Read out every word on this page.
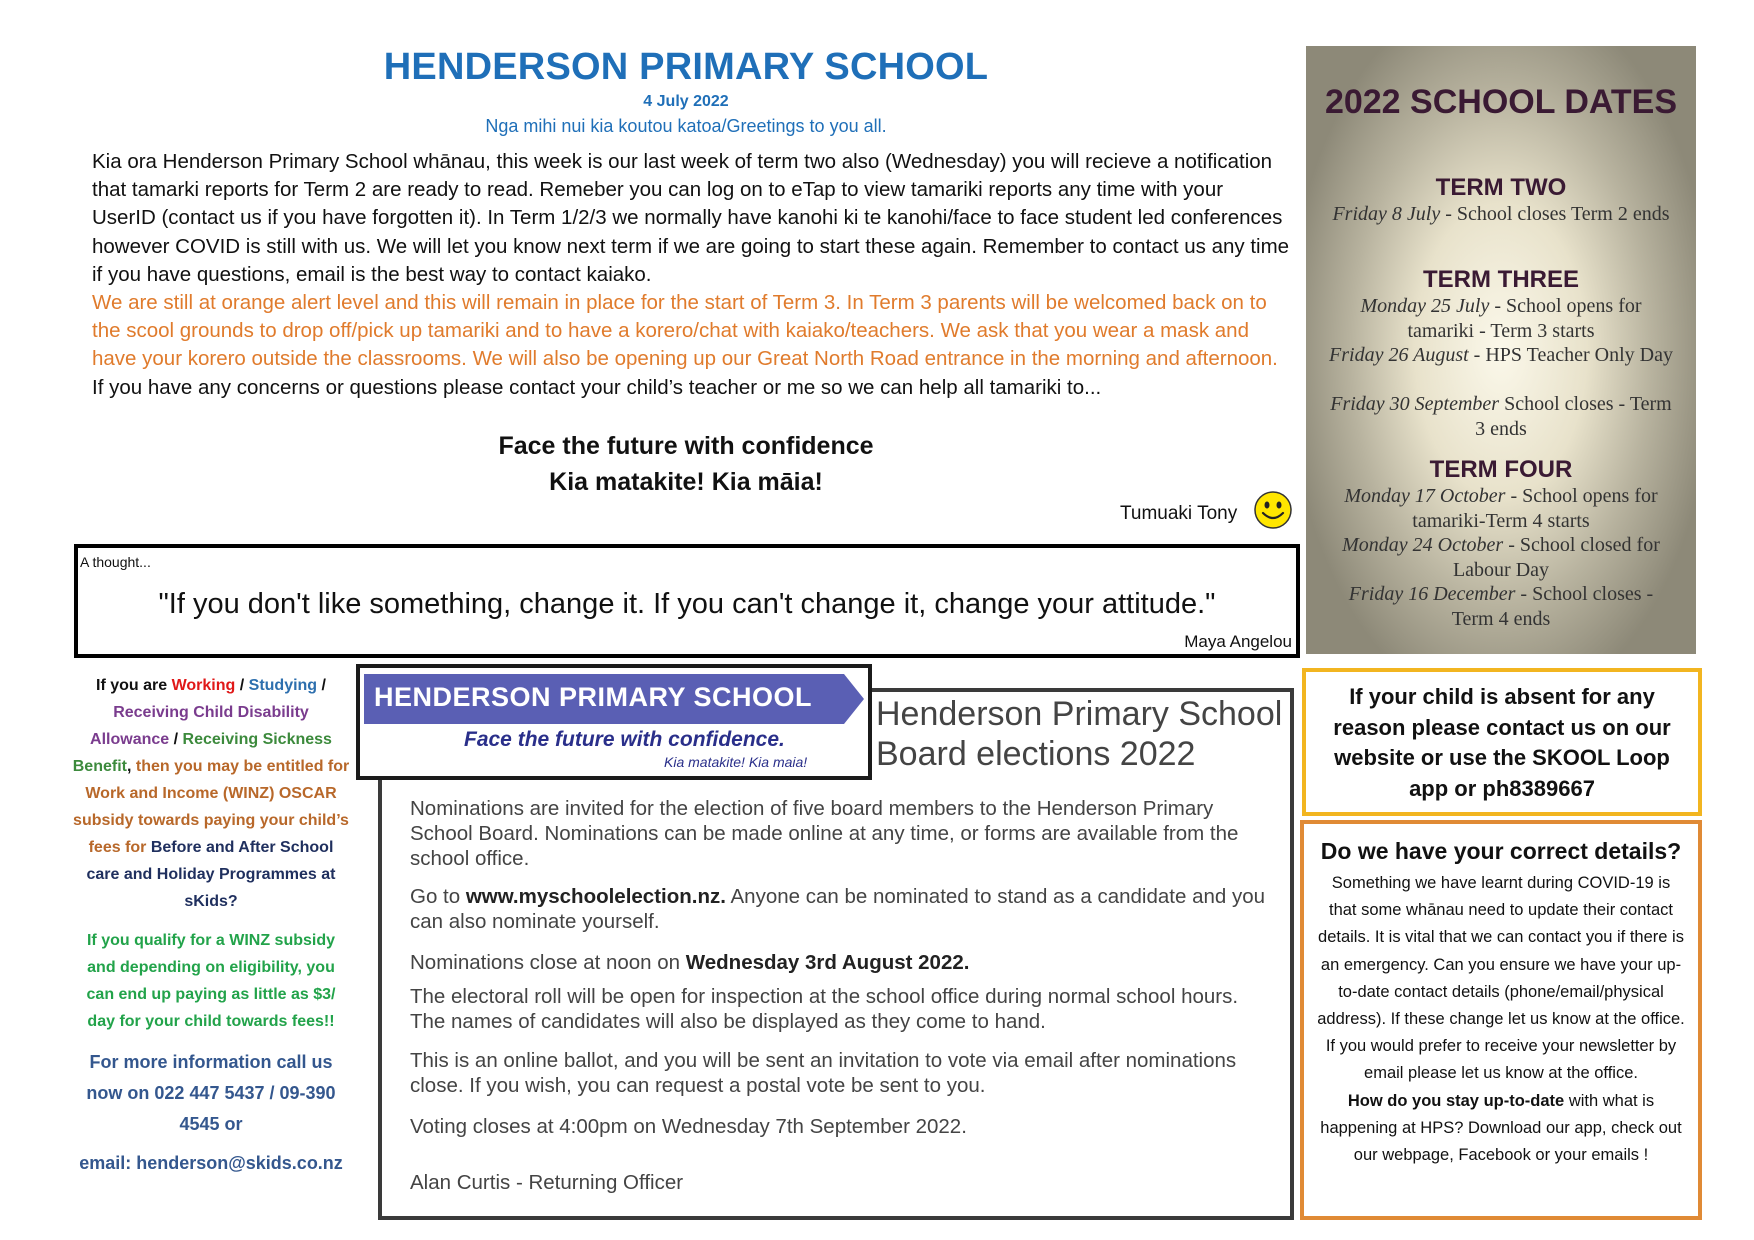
HENDERSON PRIMARY SCHOOL
4 July 2022
Nga mihi nui kia koutou katoa/Greetings to you all.

Kia ora Henderson Primary School whānau, this week is our last week of term two also (Wednesday) you will recieve a notification that tamarki reports for Term 2 are ready to read. Remeber you can log on to eTap to view tamariki reports any time with your UserID (contact us if you have forgotten it). In Term 1/2/3 we normally have kanohi ki te kanohi/face to face student led conferences however COVID is still with us. We will let you know next term if we are going to start these again. Remember to contact us any time if you have questions, email is the best way to contact kaiako.

We are still at orange alert level and this will remain in place for the start of Term 3. In Term 3 parents will be welcomed back on to the scool grounds to drop off/pick up tamariki and to have a korero/chat with kaiako/teachers. We ask that you wear a mask and have your korero outside the classrooms. We will also be opening up our Great North Road entrance in the morning and afternoon.

If you have any concerns or questions please contact your child’s teacher or me so we can help all tamariki to...

Face the future with confidence
Kia matakite! Kia māia!
Tumuaki Tony
A thought...
"If you don't like something, change it. If you can't change it, change your attitude."
Maya Angelou
2022 SCHOOL DATES
TERM TWO
Friday 8 July - School closes Term 2 ends
TERM THREE
Monday 25 July - School opens for tamariki - Term 3 starts
Friday 26 August - HPS Teacher Only Day
Friday 30 September School closes - Term 3 ends
TERM FOUR
Monday 17 October - School opens for tamariki-Term 4 starts
Monday 24 October - School closed for Labour Day
Friday 16 December - School closes - Term 4 ends
If your child is absent for any reason please contact us on our website or use the SKOOL Loop app or ph8389667
Do we have your correct details?
Something we have learnt during COVID-19 is that some whānau need to update their contact details. It is vital that we can contact you if there is an emergency. Can you ensure we have your up-to-date contact details (phone/email/physical address). If these change let us know at the office. If you would prefer to receive your newsletter by email please let us know at the office.
How do you stay up-to-date with what is happening at HPS? Download our app, check out our webpage, Facebook or your emails !

If you are Working / Studying / Receiving Child Disability Allowance / Receiving Sickness Benefit, then you may be entitled for Work and Income (WINZ) OSCAR subsidy towards paying your child’s fees for Before and After School care and Holiday Programmes at sKids?

If you qualify for a WINZ subsidy and depending on eligibility, you can end up paying as little as $3/ day for your child towards fees!!

For more information call us now on 022 447 5437 / 09-390 4545 or
email: henderson@skids.co.nz
HENDERSON PRIMARY SCHOOL
Face the future with confidence.
Kia matakite! Kia maia!
Henderson Primary School
Board elections 2022
Nominations are invited for the election of five board members to the Henderson Primary School Board. Nominations can be made online at any time, or forms are available from the school office.
Go to www.myschoolelection.nz. Anyone can be nominated to stand as a candidate and you can also nominate yourself.
Nominations close at noon on Wednesday 3rd August 2022.
The electoral roll will be open for inspection at the school office during normal school hours. The names of candidates will also be displayed as they come to hand.
This is an online ballot, and you will be sent an invitation to vote via email after nominations close. If you wish, you can request a postal vote be sent to you.
Voting closes at 4:00pm on Wednesday 7th September 2022.
Alan Curtis - Returning Officer
